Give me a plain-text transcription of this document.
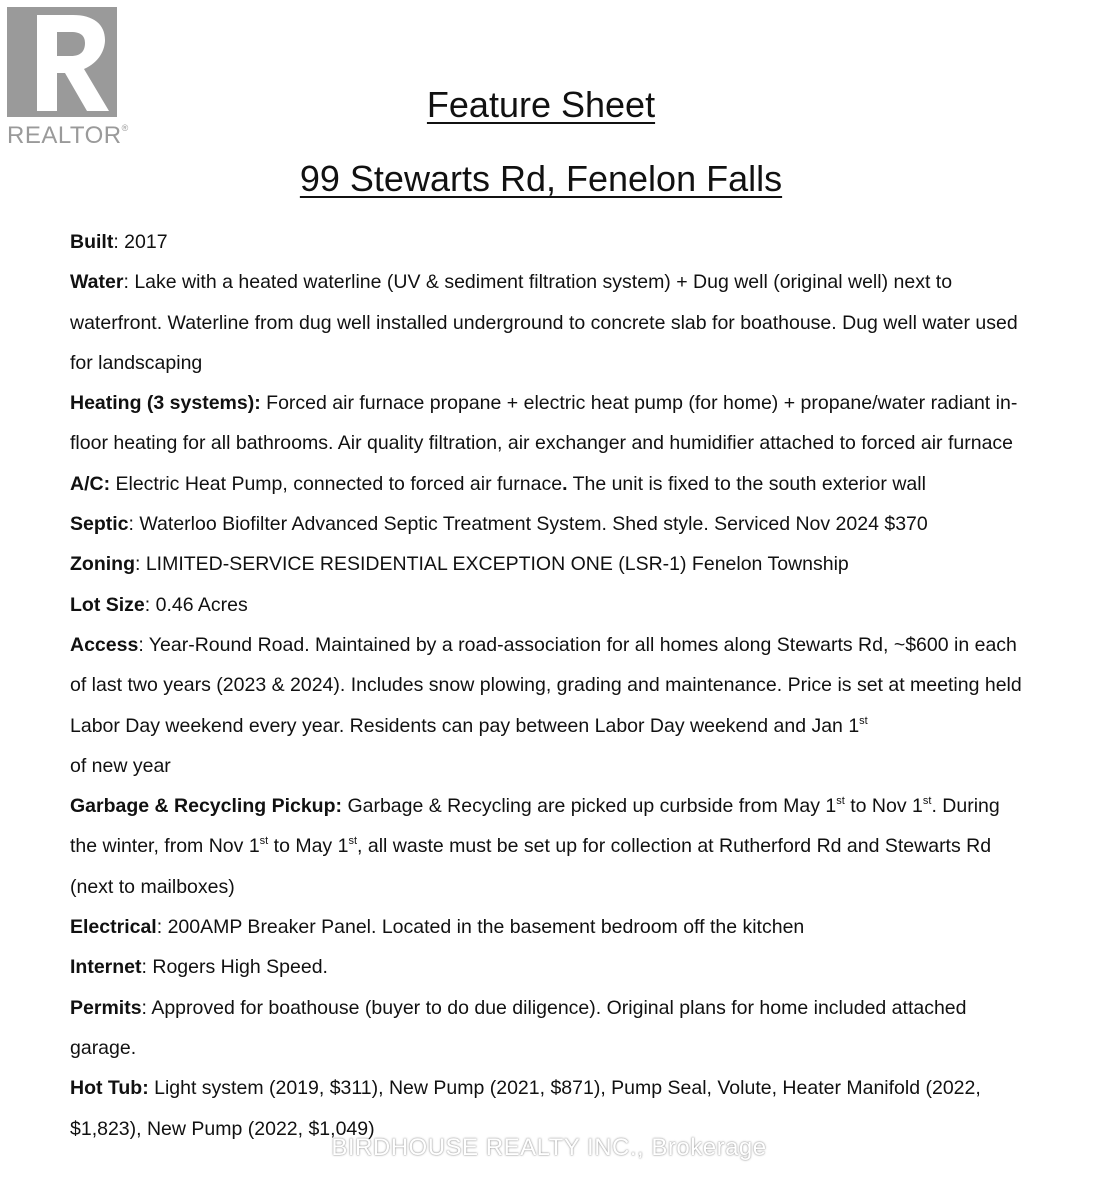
REALTOR®
Feature Sheet
99 Stewarts Rd, Fenelon Falls

Built: 2017

Water: Lake with a heated waterline (UV & sediment filtration system) + Dug well (original well) next to waterfront. Waterline from dug well installed underground to concrete slab for boathouse. Dug well water used for landscaping

Heating (3 systems): Forced air furnace propane + electric heat pump (for home) + propane/water radiant in-floor heating for all bathrooms. Air quality filtration, air exchanger and humidifier attached to forced air furnace

A/C: Electric Heat Pump, connected to forced air furnace. The unit is fixed to the south exterior wall

Septic: Waterloo Biofilter Advanced Septic Treatment System. Shed style. Serviced Nov 2024 $370

Zoning: LIMITED-SERVICE RESIDENTIAL EXCEPTION ONE (LSR-1) Fenelon Township

Lot Size: 0.46 Acres

Access: Year-Round Road. Maintained by a road-association for all homes along Stewarts Rd, ~$600 in each of last two years (2023 & 2024). Includes snow plowing, grading and maintenance. Price is set at meeting held Labor Day weekend every year. Residents can pay between Labor Day weekend and Jan 1st
of new year

Garbage & Recycling Pickup: Garbage & Recycling are picked up curbside from May 1st to Nov 1st. During the winter, from Nov 1st to May 1st, all waste must be set up for collection at Rutherford Rd and Stewarts Rd (next to mailboxes)

Electrical: 200AMP Breaker Panel. Located in the basement bedroom off the kitchen

Internet: Rogers High Speed.

Permits: Approved for boathouse (buyer to do due diligence). Original plans for home included attached garage.

Hot Tub: Light system (2019, $311), New Pump (2021, $871), Pump Seal, Volute, Heater Manifold (2022, $1,823), New Pump (2022, $1,049)

BIRDHOUSE REALTY INC., Brokerage
